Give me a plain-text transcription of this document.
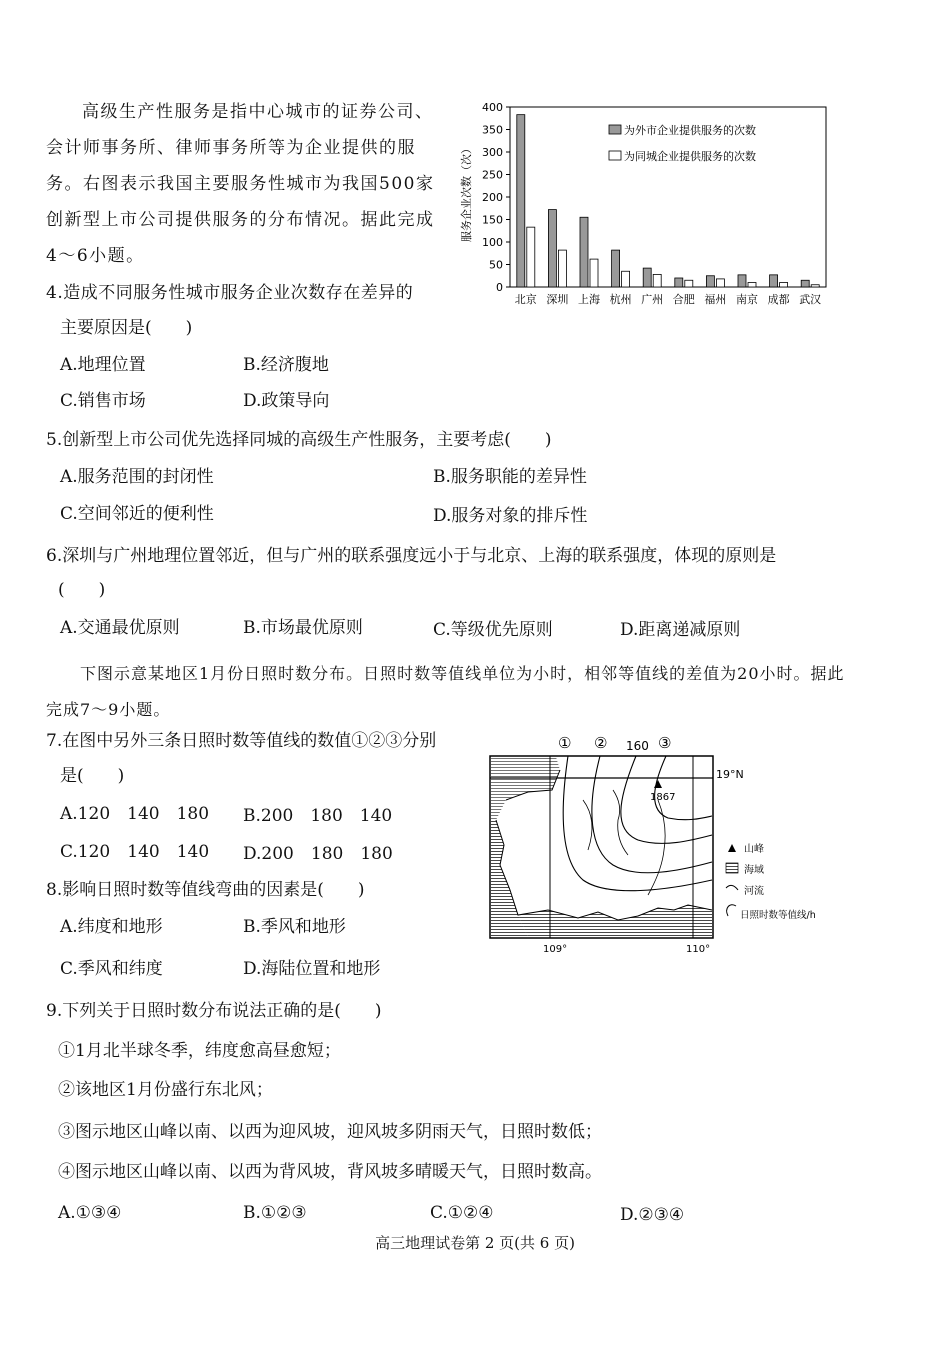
高级生产性服务是指中心城市的证券公司、会计师事务所、律师事务所等为企业提供的服务。右图表示我国主要服务性城市为我国500家创新型上市公司提供服务的分布情况。据此完成4～6小题。
0
50
100
150
200
250
300
350
400
北京 深圳 上海 杭州 广州 合肥 福州 南京 成都 武汉
服务企业次数（次）
为外市企业提供服务的次数
为同城企业提供服务的次数
4.造成不同服务性城市服务企业次数存在差异的
主要原因是(　　)
A.地理位置	B.经济腹地
C.销售市场	D.政策导向
5.创新型上市公司优先选择同城的高级生产性服务，主要考虑(　　)
A.服务范围的封闭性	B.服务职能的差异性
C.空间邻近的便利性	D.服务对象的排斥性
6.深圳与广州地理位置邻近，但与广州的联系强度远小于与北京、上海的联系强度，体现的原则是
(　　)
A.交通最优原则	B.市场最优原则	C.等级优先原则	D.距离递减原则
下图示意某地区1月份日照时数分布。日照时数等值线单位为小时，相邻等值线的差值为20小时。据此完成7～9小题。
7.在图中另外三条日照时数等值线的数值①②③分别
是(　　)
A.120　140　180 B.200　180　140
C.120　140　140 D.200　180　180
8.影响日照时数等值线弯曲的因素是(　　)
A.纬度和地形	B.季风和地形
C.季风和纬度	D.海陆位置和地形
① ② 160 ③
19°N
1867
109°	110°
山峰
海域
河流
日照时数等值线/h
9.下列关于日照时数分布说法正确的是(　　)
①1月北半球冬季，纬度愈高昼愈短；
②该地区1月份盛行东北风；
③图示地区山峰以南、以西为迎风坡，迎风坡多阴雨天气，日照时数低；
④图示地区山峰以南、以西为背风坡，背风坡多晴暖天气，日照时数高。
A.①③④	B.①②③	C.①②④	D.②③④
高三地理试卷第 2 页(共 6 页)
